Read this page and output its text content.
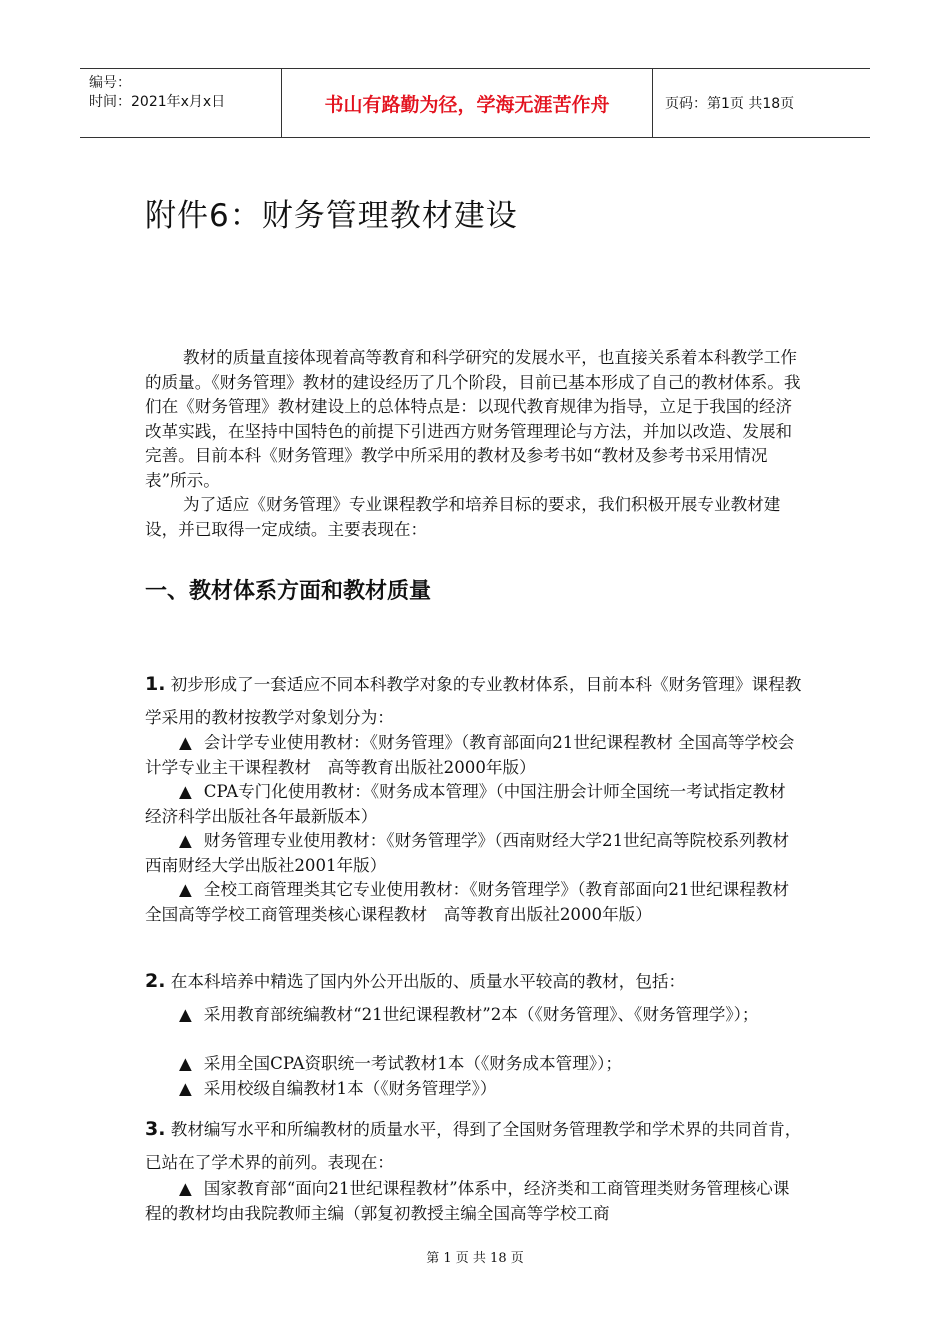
编号：
时间：2021年x月x日	书山有路勤为径，学海无涯苦作舟	页码：第1页 共18页
附件6：财务管理教材建设
教材的质量直接体现着高等教育和科学研究的发展水平，也直接关系着本科教学工作的质量。《财务管理》教材的建设经历了几个阶段，目前已基本形成了自己的教材体系。我们在《财务管理》教材建设上的总体特点是：以现代教育规律为指导，立足于我国的经济改革实践，在坚持中国特色的前提下引进西方财务管理理论与方法，并加以改造、发展和完善。目前本科《财务管理》教学中所采用的教材及参考书如“教材及参考书采用情况表”所示。
为了适应《财务管理》专业课程教学和培养目标的要求，我们积极开展专业教材建设，并已取得一定成绩。主要表现在：
一、教材体系方面和教材质量
1. 初步形成了一套适应不同本科教学对象的专业教材体系，目前本科《财务管理》课程教学采用的教材按教学对象划分为：
▲ 会计学专业使用教材：《财务管理》（教育部面向21世纪课程教材 全国高等学校会计学专业主干课程教材　高等教育出版社2000年版）
▲ CPA专门化使用教材：《财务成本管理》（中国注册会计师全国统一考试指定教材　经济科学出版社各年最新版本）
▲ 财务管理专业使用教材：《财务管理学》（西南财经大学21世纪高等院校系列教材　西南财经大学出版社2001年版）
▲ 全校工商管理类其它专业使用教材：《财务管理学》（教育部面向21世纪课程教材　全国高等学校工商管理类核心课程教材　高等教育出版社2000年版）
2. 在本科培养中精选了国内外公开出版的、质量水平较高的教材，包括：
▲ 采用教育部统编教材“21世纪课程教材”2本（《财务管理》、《财务管理学》）；
▲ 采用全国CPA资职统一考试教材1本（《财务成本管理》）；
▲ 采用校级自编教材1本（《财务管理学》）
3. 教材编写水平和所编教材的质量水平，得到了全国财务管理教学和学术界的共同首肯，已站在了学术界的前列。表现在：
▲ 国家教育部“面向21世纪课程教材”体系中，经济类和工商管理类财务管理核心课程的教材均由我院教师主编（郭复初教授主编全国高等学校工商
第 1 页 共 18 页
